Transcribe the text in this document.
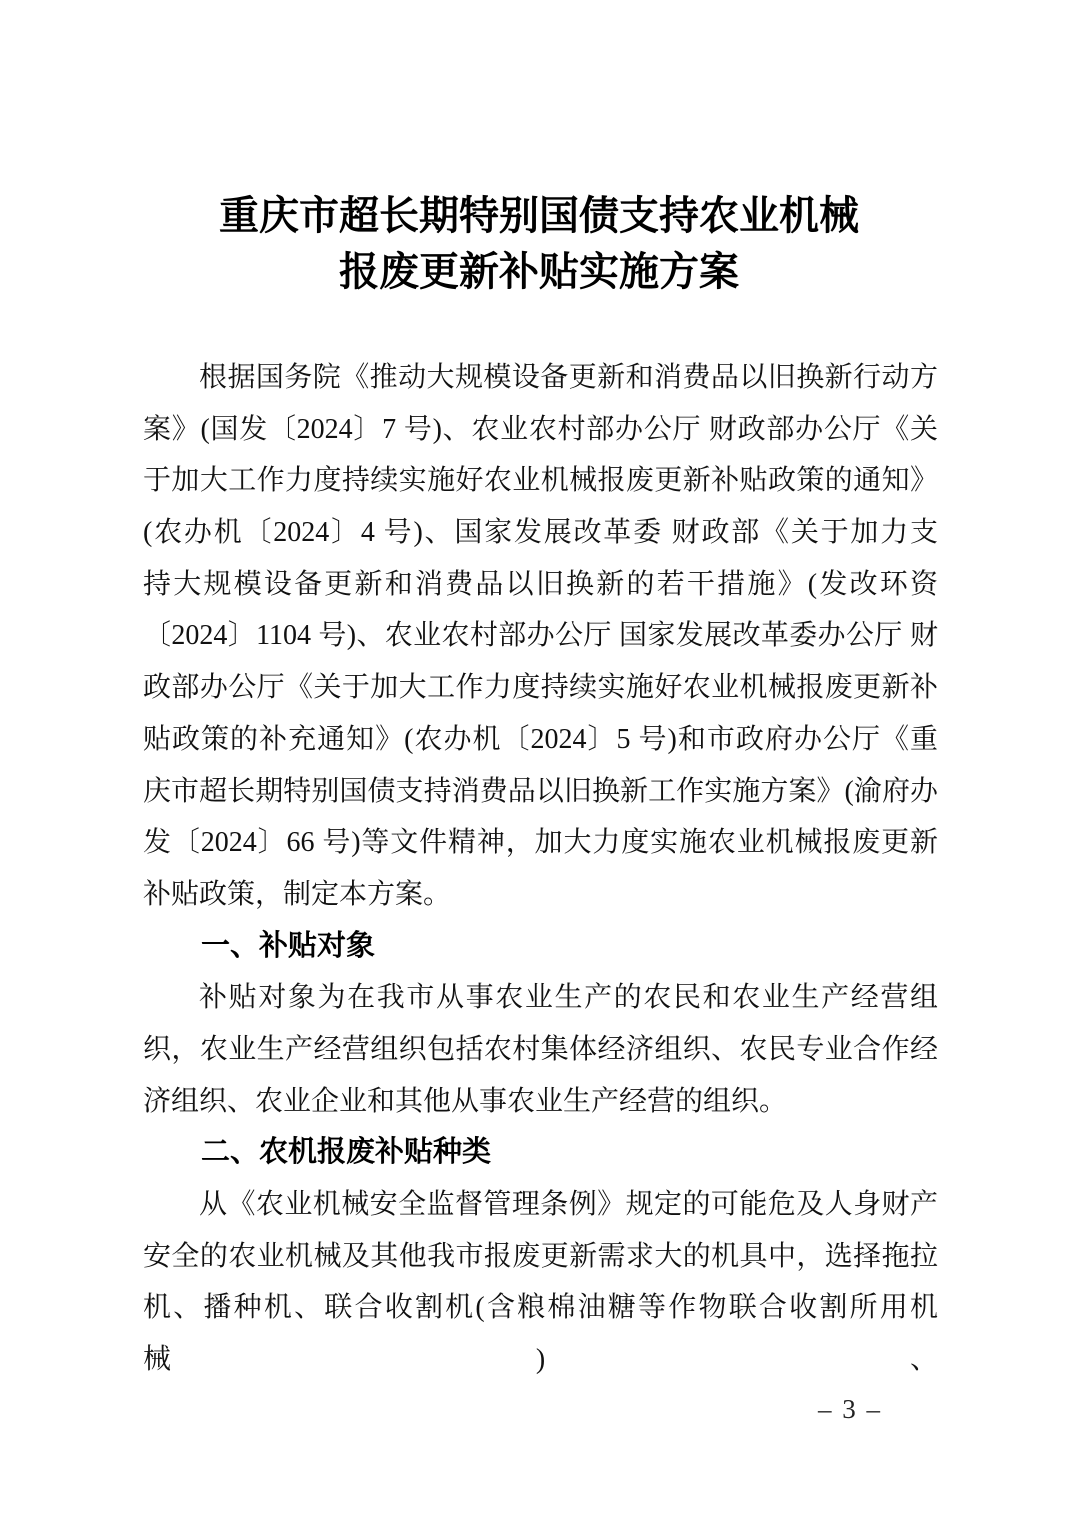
重庆市超长期特别国债支持农业机械
报废更新补贴实施方案
根据国务院《推动大规模设备更新和消费品以旧换新行动方
案》(国发〔2024〕7 号)、农业农村部办公厅 财政部办公厅《关
于加大工作力度持续实施好农业机械报废更新补贴政策的通知》
(农办机〔2024〕4 号)、国家发展改革委 财政部《关于加力支
持大规模设备更新和消费品以旧换新的若干措施》(发改环资
〔2024〕1104 号)、农业农村部办公厅 国家发展改革委办公厅 财
政部办公厅《关于加大工作力度持续实施好农业机械报废更新补
贴政策的补充通知》(农办机〔2024〕5 号)和市政府办公厅《重
庆市超长期特别国债支持消费品以旧换新工作实施方案》(渝府办
发〔2024〕66 号)等文件精神，加大力度实施农业机械报废更新
补贴政策，制定本方案。
一、补贴对象
补贴对象为在我市从事农业生产的农民和农业生产经营组
织，农业生产经营组织包括农村集体经济组织、农民专业合作经
济组织、农业企业和其他从事农业生产经营的组织。
二、农机报废补贴种类
从《农业机械安全监督管理条例》规定的可能危及人身财产
安全的农业机械及其他我市报废更新需求大的机具中，选择拖拉
机、播种机、联合收割机(含粮棉油糖等作物联合收割所用机械)、
– 3 –
